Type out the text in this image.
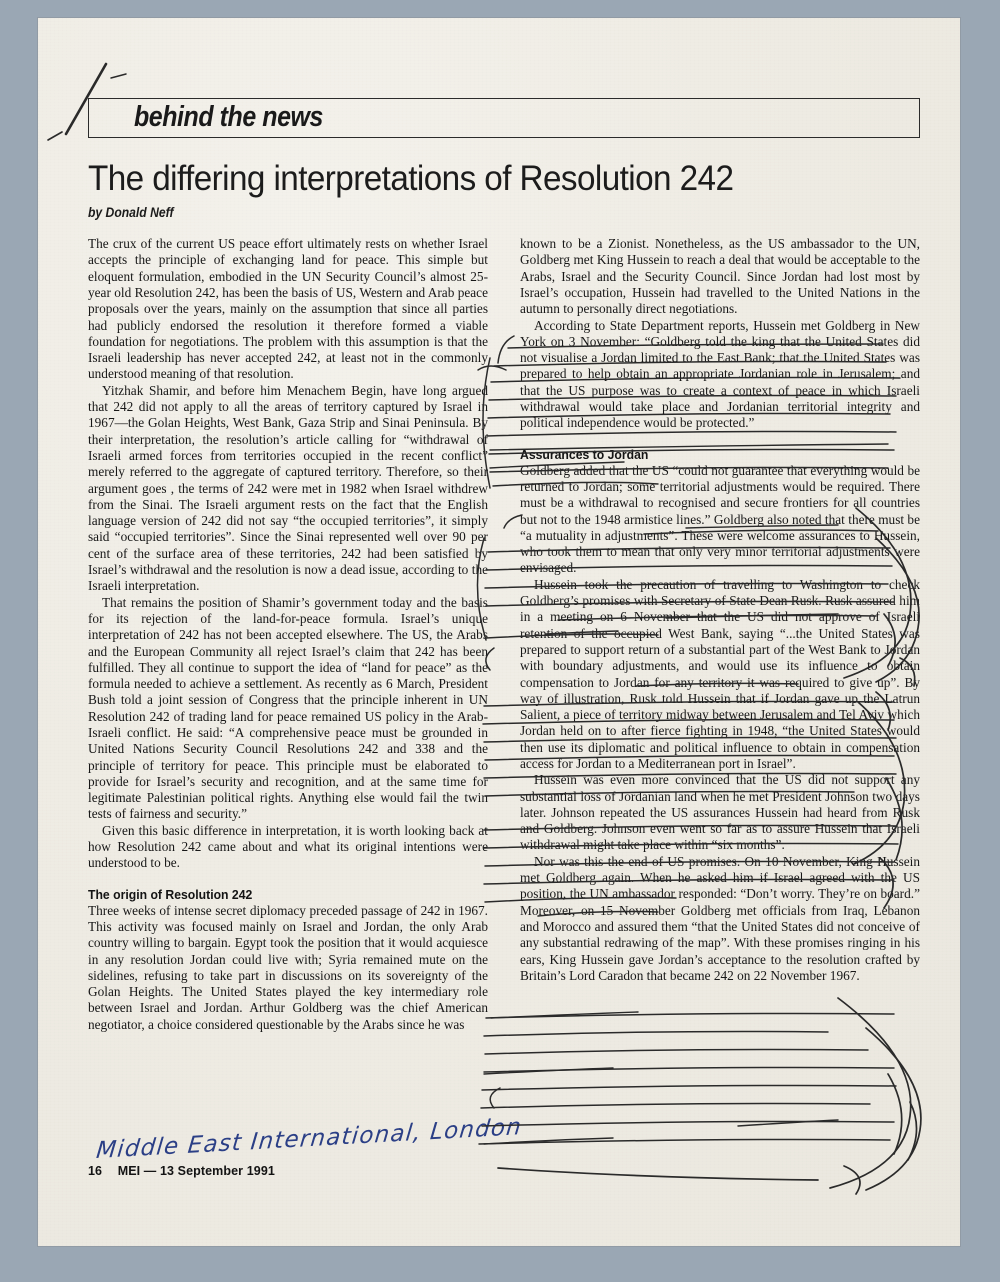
behind the news
The differing interpretations of Resolution 242
by Donald Neff

The crux of the current US peace effort ultimately rests on whether Israel accepts the principle of exchanging land for peace. This simple but eloquent formulation, embodied in the UN Security Council’s almost 25-year old Resolution 242, has been the basis of US, Western and Arab peace proposals over the years, mainly on the assumption that since all parties had publicly endorsed the resolution it therefore formed a viable foundation for negotiations. The problem with this assumption is that the Israeli leadership has never accepted 242, at least not in the commonly understood meaning of that resolution.

Yitzhak Shamir, and before him Menachem Begin, have long argued that 242 did not apply to all the areas of territory captured by Israel in 1967—the Golan Heights, West Bank, Gaza Strip and Sinai Peninsula. By their interpretation, the resolution’s article calling for “withdrawal of Israeli armed forces from territories occupied in the recent conflict” merely referred to the aggregate of captured territory. Therefore, so their argument goes , the terms of 242 were met in 1982 when Israel withdrew from the Sinai. The Israeli argument rests on the fact that the English language version of 242 did not say “the occupied territories”, it simply said “occupied territories”. Since the Sinai represented well over 90 per cent of the surface area of these territories, 242 had been satisfied by Israel’s withdrawal and the resolution is now a dead issue, according to the Israeli interpretation.

That remains the position of Shamir’s government today and the basis for its rejection of the land-for-peace formula. Israel’s unique interpretation of 242 has not been accepted elsewhere. The US, the Arabs and the European Community all reject Israel’s claim that 242 has been fulfilled. They all continue to support the idea of “land for peace” as the formula needed to achieve a settlement. As recently as 6 March, President Bush told a joint session of Congress that the principle inherent in UN Resolution 242 of trading land for peace remained US policy in the Arab-Israeli conflict. He said: “A comprehensive peace must be grounded in United Nations Security Council Resolutions 242 and 338 and the principle of territory for peace. This principle must be elaborated to provide for Israel’s security and recognition, and at the same time for legitimate Palestinian political rights. Anything else would fail the twin tests of fairness and security.”

Given this basic difference in interpretation, it is worth looking back at how Resolution 242 came about and what its original intentions were understood to be.

The origin of Resolution 242

Three weeks of intense secret diplomacy preceded passage of 242 in 1967. This activity was focused mainly on Israel and Jordan, the only Arab country willing to bargain. Egypt took the position that it would acquiesce in any resolution Jordan could live with; Syria remained mute on the sidelines, refusing to take part in discussions on its sovereignty of the Golan Heights. The United States played the key intermediary role between Israel and Jordan. Arthur Goldberg was the chief American negotiator, a choice considered questionable by the Arabs since he was

known to be a Zionist. Nonetheless, as the US ambassador to the UN, Goldberg met King Hussein to reach a deal that would be acceptable to the Arabs, Israel and the Security Council. Since Jordan had lost most by Israel’s occupation, Hussein had travelled to the United Nations in the autumn to personally direct negotiations.

According to State Department reports, Hussein met Goldberg in New York on 3 November: “Goldberg told the king that the United States did not visualise a Jordan limited to the East Bank; that the United States was prepared to help obtain an appropriate Jordanian role in Jerusalem; and that the US purpose was to create a context of peace in which Israeli withdrawal would take place and Jordanian territorial integrity and political independence would be protected.”

Assurances to Jordan

Goldberg added that the US “could not guarantee that everything would be returned to Jordan; some territorial adjustments would be required. There must be a withdrawal to recognised and secure frontiers for all countries but not to the 1948 armistice lines.” Goldberg also noted that there must be “a mutuality in adjustments”. These were welcome assurances to Hussein, who took them to mean that only very minor territorial adjustments were envisaged.

Hussein took the precaution of travelling to Washington to check Goldberg’s promises with Secretary of State Dean Rusk. Rusk assured him in a meeting on 6 November that the US did not approve of Israeli retention of the occupied West Bank, saying “...the United States was prepared to support return of a substantial part of the West Bank to Jordan with boundary adjustments, and would use its influence to obtain compensation to Jordan for any territory it was required to give up”. By way of illustration, Rusk told Hussein that if Jordan gave up the Latrun Salient, a piece of territory midway between Jerusalem and Tel Aviv which Jordan held on to after fierce fighting in 1948, “the United States would then use its diplomatic and political influence to obtain in compensation access for Jordan to a Mediterranean port in Israel”.

Hussein was even more convinced that the US did not support any substantial loss of Jordanian land when he met President Johnson two days later. Johnson repeated the US assurances Hussein had heard from Rusk and Goldberg. Johnson even went so far as to assure Hussein that Israeli withdrawal might take place within “six months”.

Nor was this the end of US promises. On 10 November, King Hussein met Goldberg again. When he asked him if Israel agreed with the US position, the UN ambassador responded: “Don’t worry. They’re on board.” Moreover, on 15 November Goldberg met officials from Iraq, Lebanon and Morocco and assured them “that the United States did not conceive of any substantial redrawing of the map”. With these promises ringing in his ears, King Hussein gave Jordan’s acceptance to the resolution crafted by Britain’s Lord Caradon that became 242 on 22 November 1967.

16 MEI — 13 September 1991
Middle East International, London
